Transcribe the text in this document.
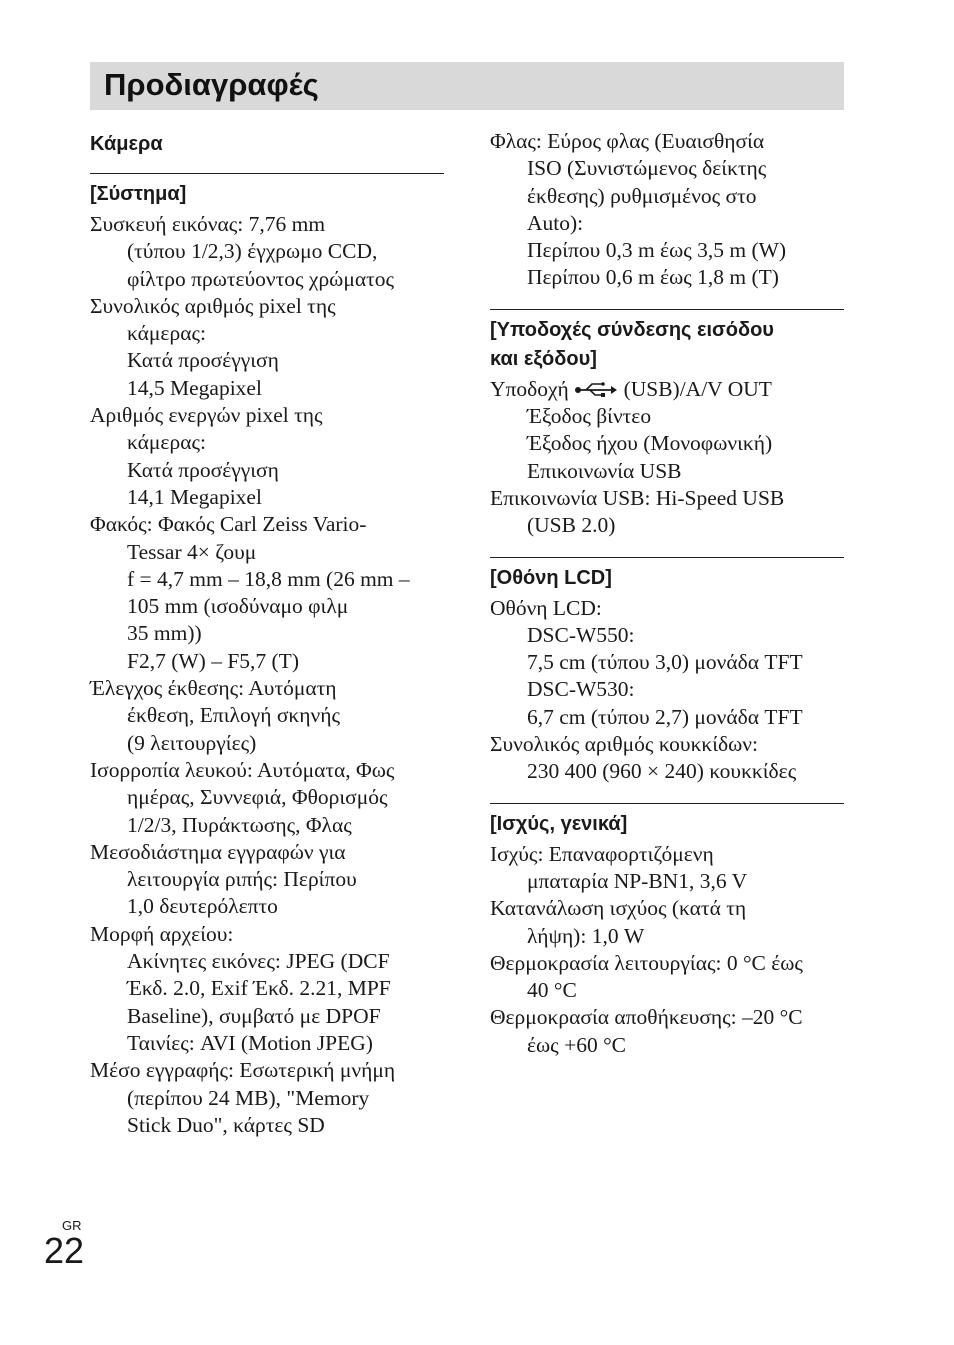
Προδιαγραφές
Κάμερα
[Σύστημα]
Συσκευή εικόνας: 7,76 mm
(τύπου 1/2,3) έγχρωμο CCD,
φίλτρο πρωτεύοντος χρώματος
Συνολικός αριθμός pixel της
κάμερας:
Κατά προσέγγιση
14,5 Megapixel
Αριθμός ενεργών pixel της
κάμερας:
Κατά προσέγγιση
14,1 Megapixel
Φακός: Φακός Carl Zeiss Vario-
Tessar 4× ζουμ
f = 4,7 mm – 18,8 mm (26 mm –
105 mm (ισοδύναμο φιλμ
35 mm))
F2,7 (W) – F5,7 (T)
Έλεγχος έκθεσης: Αυτόματη
έκθεση, Επιλογή σκηνής
(9 λειτουργίες)
Ισορροπία λευκού: Αυτόματα, Φως
ημέρας, Συννεφιά, Φθορισμός
1/2/3, Πυράκτωσης, Φλας
Μεσοδιάστημα εγγραφών για
λειτουργία ριπής: Περίπου
1,0 δευτερόλεπτο
Μορφή αρχείου:
Ακίνητες εικόνες: JPEG (DCF
Έκδ. 2.0, Exif Έκδ. 2.21, MPF
Baseline), συμβατό με DPOF
Ταινίες: AVI (Motion JPEG)
Μέσο εγγραφής: Εσωτερική μνήμη
(περίπου 24 MB), "Memory
Stick Duo", κάρτες SD
Φλας: Εύρος φλας (Ευαισθησία
ISO (Συνιστώμενος δείκτης
έκθεσης) ρυθμισμένος στο
Auto):
Περίπου 0,3 m έως 3,5 m (W)
Περίπου 0,6 m έως 1,8 m (T)
[Υποδοχές σύνδεσης εισόδου
και εξόδου]
Υποδοχή	(USB)/A/V OUT
Έξοδος βίντεο
Έξοδος ήχου (Μονοφωνική)
Επικοινωνία USB
Επικοινωνία USB: Hi-Speed USB
(USB 2.0)
[Οθόνη LCD]
Οθόνη LCD:
DSC-W550:
7,5 cm (τύπου 3,0) μονάδα TFT
DSC-W530:
6,7 cm (τύπου 2,7) μονάδα TFT
Συνολικός αριθμός κουκκίδων:
230 400 (960 × 240) κουκκίδες
[Ισχύς, γενικά]
Ισχύς: Επαναφορτιζόμενη
μπαταρία NP-BN1, 3,6 V
Κατανάλωση ισχύος (κατά τη
λήψη): 1,0 W
Θερμοκρασία λειτουργίας: 0 °C έως
40 °C
Θερμοκρασία αποθήκευσης: –20 °C
έως +60 °C
GR
22
